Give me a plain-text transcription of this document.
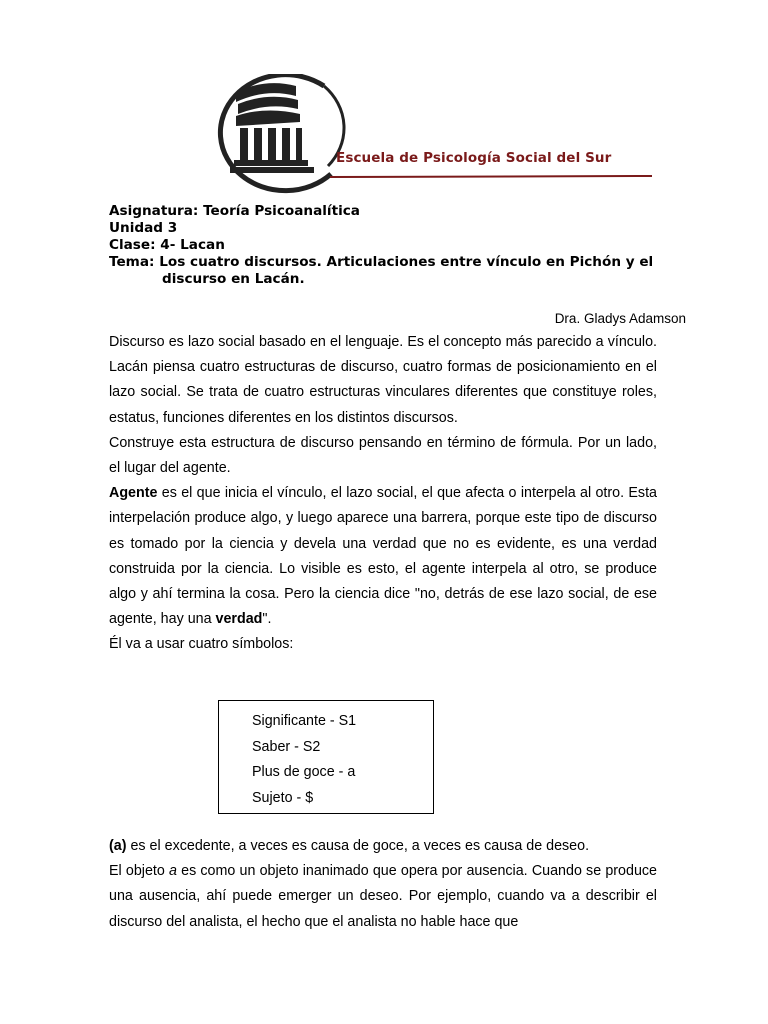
Escuela de Psicología Social del Sur
Asignatura: Teoría Psicoanalítica
Unidad 3
Clase: 4- Lacan
Tema: Los cuatro discursos. Articulaciones entre vínculo en Pichón y el
discurso en Lacán.
Dra. Gladys Adamson

Discurso es lazo social basado en el lenguaje. Es el concepto más parecido a vínculo. Lacán piensa cuatro estructuras de discurso, cuatro formas de posicionamiento en el lazo social. Se trata de cuatro estructuras vinculares diferentes que constituye roles, estatus, funciones diferentes en los distintos discursos.

Construye esta estructura de discurso pensando en término de fórmula. Por un lado, el lugar del agente.

Agente es el que inicia el vínculo, el lazo social, el que afecta o interpela al otro. Esta interpelación produce algo, y luego aparece una barrera, porque este tipo de discurso es tomado por la ciencia y devela una verdad que no es evidente, es una verdad construida por la ciencia. Lo visible es esto, el agente interpela al otro, se produce algo y ahí termina la cosa. Pero la ciencia dice "no, detrás de ese lazo social, de ese agente, hay una verdad".

Él va a usar cuatro símbolos:

Significante - S1
Saber - S2
Plus de goce - a
Sujeto - $

(a) es el excedente, a veces es causa de goce, a veces es causa de deseo.

El objeto a es como un objeto inanimado que opera por ausencia. Cuando se produce una ausencia, ahí puede emerger un deseo. Por ejemplo, cuando va a describir el discurso del analista, el hecho que el analista no hable hace que
